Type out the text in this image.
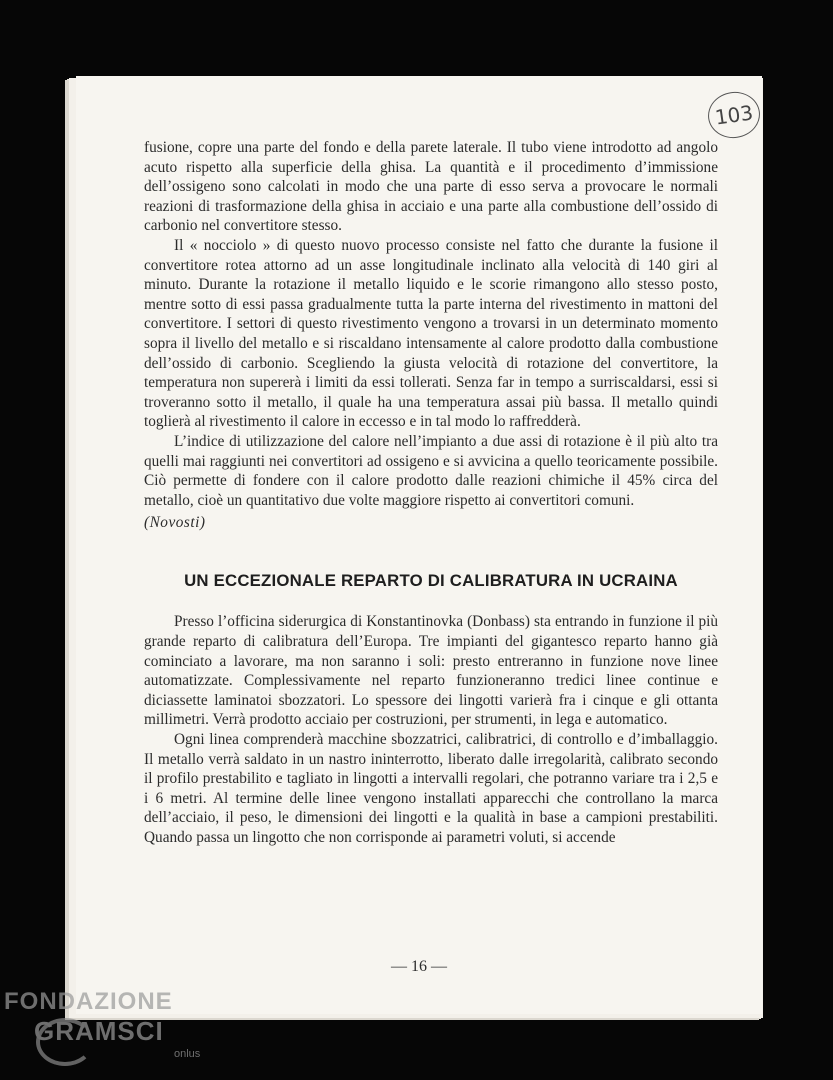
103

fusione, copre una parte del fondo e della parete laterale. Il tubo viene introdotto ad angolo acuto rispetto alla superficie della ghisa. La quantità e il procedimento d’immissione dell’ossigeno sono calcolati in modo che una parte di esso serva a provocare le normali reazioni di trasformazione della ghisa in acciaio e una parte alla combustione dell’ossido di carbonio nel convertitore stesso.

Il « nocciolo » di questo nuovo processo consiste nel fatto che durante la fusione il convertitore rotea attorno ad un asse longitudinale inclinato alla velocità di 140 giri al minuto. Durante la rotazione il metallo liquido e le scorie rimangono allo stesso posto, mentre sotto di essi passa gradualmente tutta la parte interna del rivestimento in mattoni del convertitore. I settori di questo rivestimento vengono a trovarsi in un determinato momento sopra il livello del metallo e si riscaldano intensamente al calore prodotto dalla combustione dell’ossido di carbonio. Scegliendo la giusta velocità di rotazione del convertitore, la temperatura non supererà i limiti da essi tollerati. Senza far in tempo a surriscaldarsi, essi si troveranno sotto il metallo, il quale ha una temperatura assai più bassa. Il metallo quindi toglierà al rivestimento il calore in eccesso e in tal modo lo raffredderà.

L’indice di utilizzazione del calore nell’impianto a due assi di rotazione è il più alto tra quelli mai raggiunti nei convertitori ad ossigeno e si avvicina a quello teoricamente possibile. Ciò permette di fondere con il calore prodotto dalle reazioni chimiche il 45% circa del metallo, cioè un quantitativo due volte maggiore rispetto ai convertitori comuni.

(Novosti)

UN ECCEZIONALE REPARTO DI CALIBRATURA IN UCRAINA

Presso l’officina siderurgica di Konstantinovka (Donbass) sta entrando in funzione il più grande reparto di calibratura dell’Europa. Tre impianti del gigantesco reparto hanno già cominciato a lavorare, ma non saranno i soli: presto entreranno in funzione nove linee automatizzate. Complessivamente nel reparto funzioneranno tredici linee continue e diciassette laminatoi sbozzatori. Lo spessore dei lingotti varierà fra i cinque e gli ottanta millimetri. Verrà prodotto acciaio per costruzioni, per strumenti, in lega e automatico.

Ogni linea comprenderà macchine sbozzatrici, calibratrici, di controllo e d’imballaggio. Il metallo verrà saldato in un nastro ininterrotto, liberato dalle irregolarità, calibrato secondo il profilo prestabilito e tagliato in lingotti a intervalli regolari, che potranno variare tra i 2,5 e i 6 metri. Al termine delle linee vengono installati apparecchi che controllano la marca dell’acciaio, il peso, le dimensioni dei lingotti e la qualità in base a campioni prestabiliti. Quando passa un lingotto che non corrisponde ai parametri voluti, si accende

— 16 —
FONDAZIONE
GRAMSCI
onlus
